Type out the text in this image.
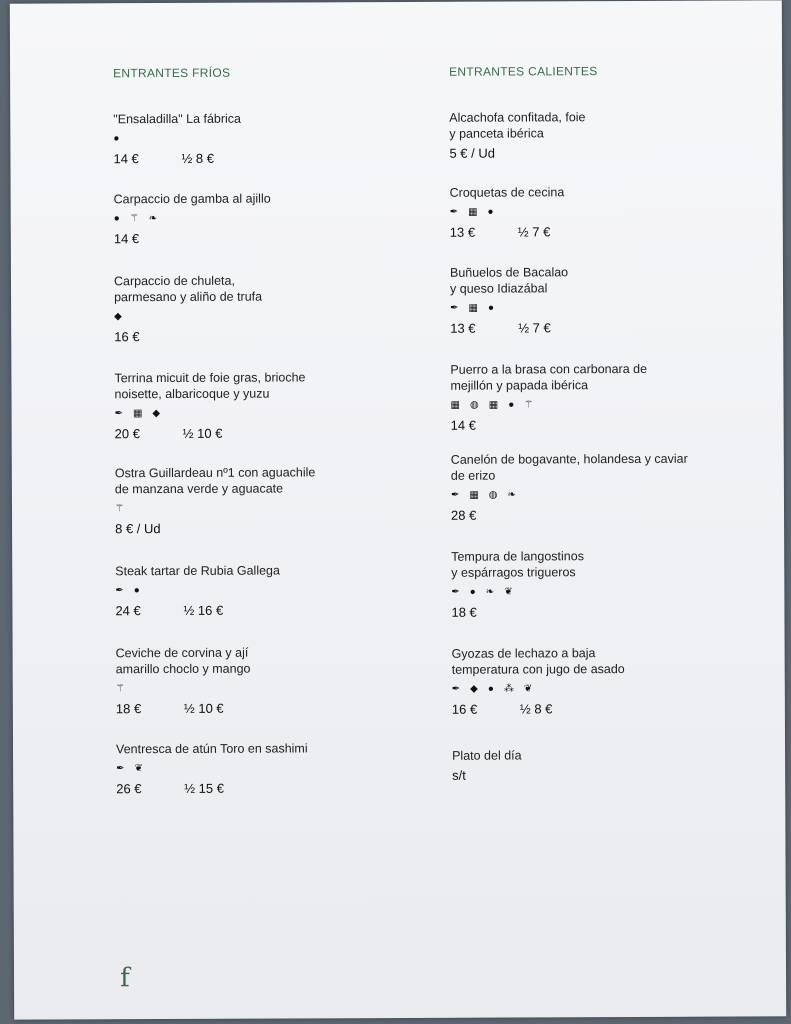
ENTRANTES FRÍOS
"Ensaladilla" La fábrica
●
14 €	½ 8 €
Carpaccio de gamba al ajillo
● ⚚ ❧
14 €
Carpaccio de chuleta,
parmesano y aliño de trufa
◆
16 €
Terrina micuit de foie gras, brioche
noisette, albaricoque y yuzu
✒ ▦ ◆
20 €	½ 10 €
Ostra Guillardeau nº1 con aguachile
de manzana verde y aguacate
⚚
8 € / Ud
Steak tartar de Rubia Gallega
✒ ●
24 €	½ 16 €
Ceviche de corvina y ají
amarillo choclo y mango
⚚
18 €	½ 10 €
Ventresca de atún Toro en sashimi
✒ ❦
26 €	½ 15 €
ENTRANTES CALIENTES
Alcachofa confitada, foie
y panceta ibérica
5 € / Ud
Croquetas de cecina
✒ ▦ ●
13 €	½ 7 €
Buñuelos de Bacalao
y queso Idiazábal
✒ ▦ ●
13 €	½ 7 €
Puerro a la brasa con carbonara de
mejillón y papada ibérica
▦ ◍ ▦ ● ⚚
14 €
Canelón de bogavante, holandesa y caviar
de erizo
✒ ▦ ◍ ❧
28 €
Tempura de langostinos
y espárragos trigueros
✒ ● ❧ ❦
18 €
Gyozas de lechazo a baja
temperatura con jugo de asado
✒ ◆ ● ⁂ ❦
16 €	½ 8 €
Plato del día
s/t
f
